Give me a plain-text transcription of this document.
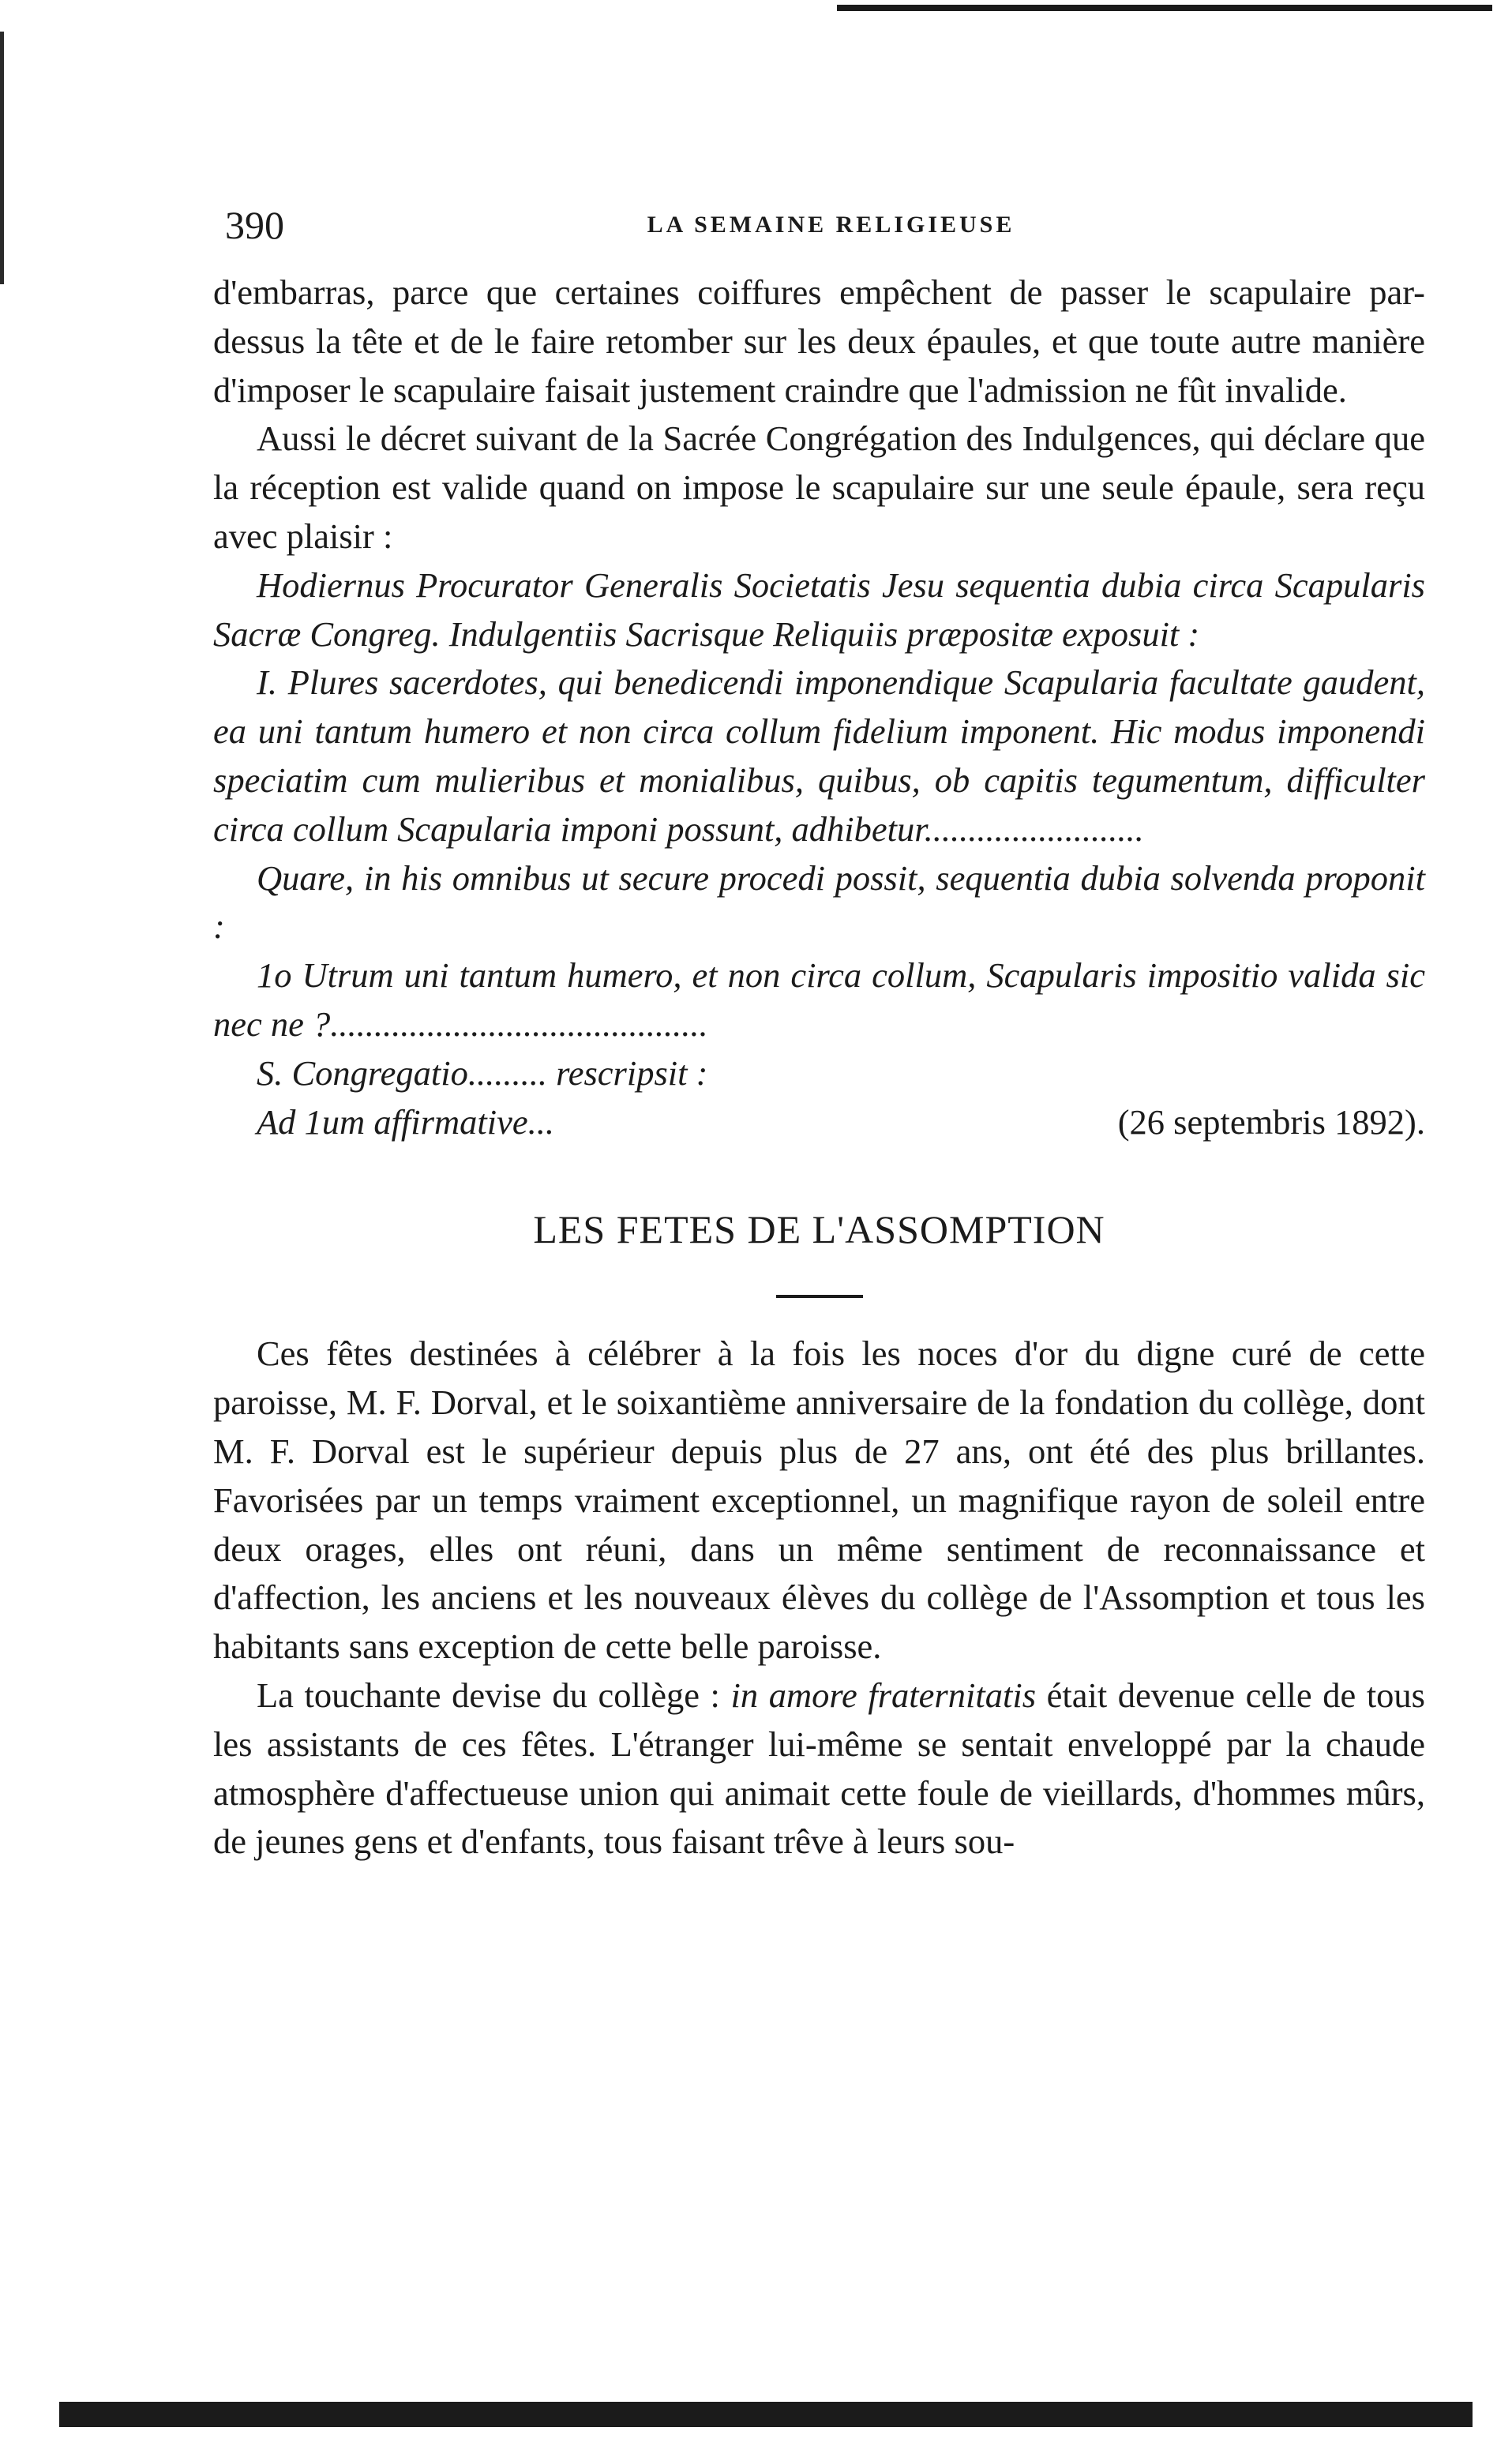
390	LA SEMAINE RELIGIEUSE

d'embarras, parce que certaines coiffures empêchent de passer le scapulaire par-dessus la tête et de le faire retomber sur les deux épaules, et que toute autre manière d'imposer le scapulaire faisait justement craindre que l'admission ne fût invalide.

Aussi le décret suivant de la Sacrée Congrégation des Indulgences, qui déclare que la réception est valide quand on impose le scapulaire sur une seule épaule, sera reçu avec plaisir :

Hodiernus Procurator Generalis Societatis Jesu sequentia dubia circa Scapularis Sacræ Congreg. Indulgentiis Sacrisque Reliquiis præpositæ exposuit :

I. Plures sacerdotes, qui benedicendi imponendique Scapularia facultate gaudent, ea uni tantum humero et non circa collum fidelium imponent. Hic modus imponendi speciatim cum mulieribus et monialibus, quibus, ob capitis tegumentum, difficulter circa collum Scapularia imponi possunt, adhibetur.........................

Quare, in his omnibus ut secure procedi possit, sequentia dubia solvenda proponit :

1o Utrum uni tantum humero, et non circa collum, Scapularis impositio valida sic nec ne ?...........................................

S. Congregatio......... rescripsit :

Ad 1um affirmative...	(26 septembris 1892).

LES FETES DE L'ASSOMPTION

Ces fêtes destinées à célébrer à la fois les noces d'or du digne curé de cette paroisse, M. F. Dorval, et le soixantième anniversaire de la fondation du collège, dont M. F. Dorval est le supérieur depuis plus de 27 ans, ont été des plus brillantes. Favorisées par un temps vraiment exceptionnel, un magnifique rayon de soleil entre deux orages, elles ont réuni, dans un même sentiment de reconnaissance et d'affection, les anciens et les nouveaux élèves du collège de l'Assomption et tous les habitants sans exception de cette belle paroisse.

La touchante devise du collège : in amore fraternitatis était devenue celle de tous les assistants de ces fêtes. L'étranger lui-même se sentait enveloppé par la chaude atmosphère d'affectueuse union qui animait cette foule de vieillards, d'hommes mûrs, de jeunes gens et d'enfants, tous faisant trêve à leurs sou-
